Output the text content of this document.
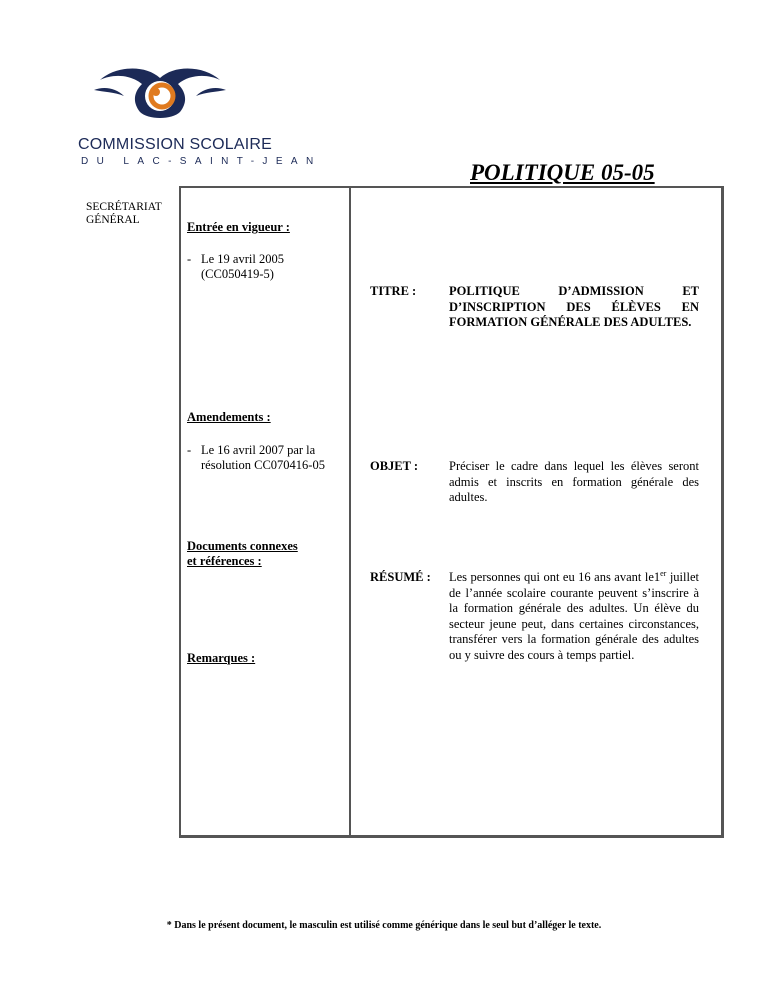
COMMISSION SCOLAIRE
DU LAC-SAINT-JEAN	POLITIQUE 05-05
SECRÉTARIAT GÉNÉRAL	Entrée en vigueur :
- Le 19 avril 2005 (CC050419-5)
Amendements :
- Le 16 avril 2007 par la résolution CC070416-05
Documents connexes
et références :
Remarques :
TITRE :	POLITIQUE D’ADMISSION ET D’INSCRIPTION DES ÉLÈVES EN FORMATION GÉNÉRALE DES ADULTES.
OBJET : Préciser le cadre dans lequel les élèves seront admis et inscrits en formation générale des adultes.
RÉSUMÉ : Les personnes qui ont eu 16 ans avant le1er juillet de l’année scolaire courante peuvent s’inscrire à la formation générale des adultes. Un élève du secteur jeune peut, dans certaines circonstances, transférer vers la formation générale des adultes ou y suivre des cours à temps partiel.
* Dans le présent document, le masculin est utilisé comme générique dans le seul but d’alléger le texte.
